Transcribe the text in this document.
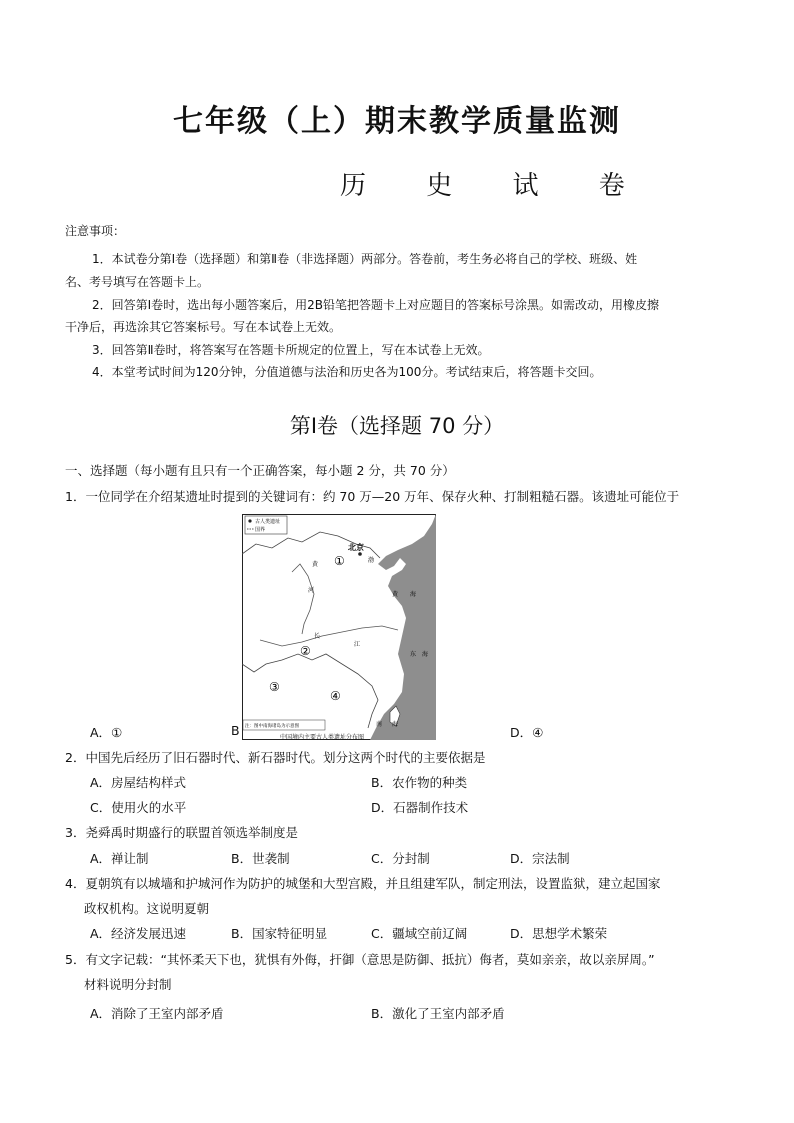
七年级（上）期末教学质量监测
历 史 试 卷
注意事项：
1．本试卷分第Ⅰ卷（选择题）和第Ⅱ卷（非选择题）两部分。答卷前，考生务必将自己的学校、班级、姓
名、考号填写在答题卡上。
2．回答第Ⅰ卷时，选出每小题答案后，用2B铅笔把答题卡上对应题目的答案标号涂黑。如需改动，用橡皮擦
干净后，再选涂其它答案标号。写在本试卷上无效。
3．回答第Ⅱ卷时，将答案写在答题卡所规定的位置上，写在本试卷上无效。
4．本堂考试时间为120分钟，分值道德与法治和历史各为100分。考试结束后，将答题卡交回。
第Ⅰ卷（选择题 70 分）
一、选择题（每小题有且只有一个正确答案，每小题 2 分，共 70 分）
1．一位同学在介绍某遗址时提到的关键词有：约 70 万—20 万年、保存火种、打制粗糙石器。该遗址可能位于
古人类遗址
国界
北京
渤
黄
河
长
江
黄 海
东 海
南 海
①
②
③
④
注：图中南海诸岛为示意图
中国境内主要古人类遗址分布图
A．①	B	D．④
2．中国先后经历了旧石器时代、新石器时代。划分这两个时代的主要依据是
A．房屋结构样式	B．农作物的种类
C．使用火的水平	D．石器制作技术
3．尧舜禹时期盛行的联盟首领选举制度是
A．禅让制	B．世袭制	C．分封制	D．宗法制
4．夏朝筑有以城墙和护城河作为防护的城堡和大型宫殿，并且组建军队，制定刑法，设置监狱，建立起国家
政权机构。这说明夏朝
A．经济发展迅速	B．国家特征明显	C．疆域空前辽阔	D．思想学术繁荣
5．有文字记载：“其怀柔天下也，犹惧有外侮，扞御（意思是防御、抵抗）侮者，莫如亲亲，故以亲屏周。”
材料说明分封制
A．消除了王室内部矛盾	B．激化了王室内部矛盾
